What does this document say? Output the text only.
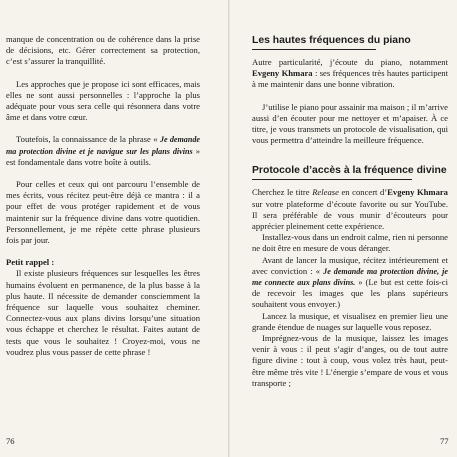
manque de concentration ou de cohérence dans la prise de décisions, etc. Gérer correctement sa protection, c’est s’assurer la tranquillité.

Les approches que je propose ici sont efficaces, mais elles ne sont aussi personnelles : l’approche la plus adéquate pour vous sera celle qui résonnera dans votre âme et dans votre cœur.

Toutefois, la connaissance de la phrase « Je demande ma protection divine et je navigue sur les plans divins » est fondamentale dans votre boîte à outils.

Pour celles et ceux qui ont parcouru l’ensemble de mes écrits, vous récitez peut-être déjà ce mantra : il a pour effet de vous protéger rapidement et de vous maintenir sur la fréquence divine dans votre quotidien. Personnellement, je me répète cette phrase plusieurs fois par jour.

Petit rappel :

Il existe plusieurs fréquences sur lesquelles les êtres humains évoluent en permanence, de la plus basse à la plus haute. Il nécessite de demander consciemment la fréquence sur laquelle vous souhaitez cheminer. Connectez-vous aux plans divins lorsqu’une situation vous échappe et cherchez le résultat. Faites autant de tests que vous le souhaitez ! Croyez-moi, vous ne voudrez plus vous passer de cette phrase !

76
Les hautes fréquences du piano

Autre particularité, j’écoute du piano, notamment Evgeny Khmara : ses fréquences très hautes participent à me maintenir dans une bonne vibration.

J’utilise le piano pour assainir ma maison ; il m’arrive aussi d’en écouter pour me nettoyer et m’apaiser. À ce titre, je vous transmets un protocole de visualisation, qui vous permettra d’atteindre la meilleure fréquence.

Protocole d’accès à la fréquence divine

Cherchez le titre Release en concert d’Evgeny Khmara sur votre plateforme d’écoute favorite ou sur YouTube. Il sera préférable de vous munir d’écouteurs pour apprécier pleinement cette expérience.

Installez-vous dans un endroit calme, rien ni personne ne doit être en mesure de vous déranger.

Avant de lancer la musique, récitez intérieurement et avec conviction : « Je demande ma protection divine, je me connecte aux plans divins. » (Le but est cette fois-ci de recevoir les images que les plans supérieurs souhaitent vous envoyer.)

Lancez la musique, et visualisez en premier lieu une grande étendue de nuages sur laquelle vous reposez.

Imprégnez-vous de la musique, laissez les images venir à vous : il peut s’agir d’anges, ou de tout autre figure divine : tout à coup, vous volez très haut, peut-être même très vite ! L’énergie s’empare de vous et vous transporte ;

77
